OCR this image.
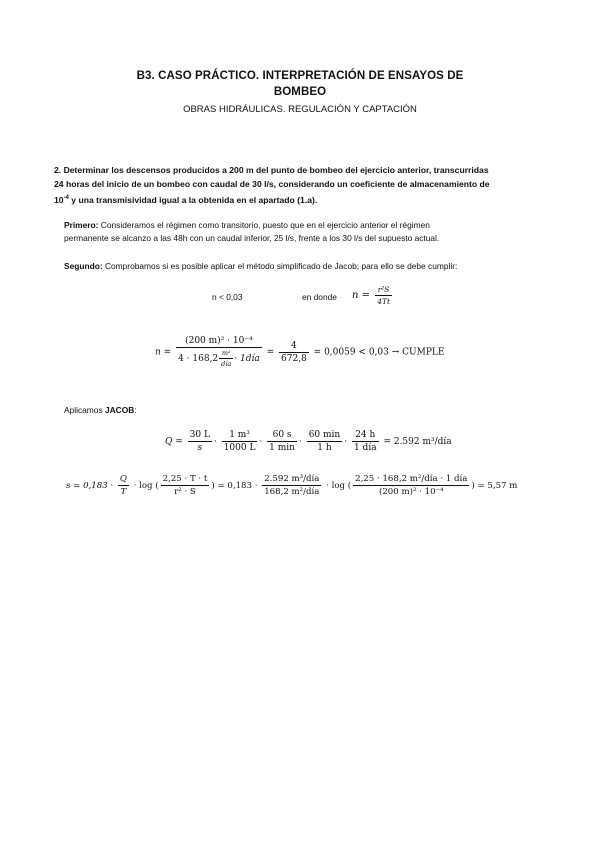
B3. CASO PRÁCTICO. INTERPRETACIÓN DE ENSAYOS DE
BOMBEO
OBRAS HIDRÁULICAS. REGULACIÓN Y CAPTACIÓN
2. Determinar los descensos producidos a 200 m del punto de bombeo del ejercicio anterior, transcurridas
24 horas del inicio de un bombeo con caudal de 30 l/s, considerando un coeficiente de almacenamiento de
$10^{-4}$ y una transmisividad igual a la obtenida en el apartado (1.a).
Primero: Consideramos el régimen como transitorio, puesto que en el ejercicio anterior el régimen
permanente se alcanzo a las 48h con un caudal inferior, 25 l/s, frente a los 30 l/s del supuesto actual.
Segundo: Comprobamos si es posible aplicar el método simplificado de Jacob; para ello se debe cumplir:
n < 0,03	en donde $n = \frac{\text{r²S}}{4Tt}$
$n = \frac{\text{(200 m)² · 10⁻⁴}}{4 \cdot 168,2 \frac{\text{m²}}{\text{día}} \cdot 1día} = \frac{4}{672,8} = 0,0059 < 0,03$ → CUMPLE
Aplicamos JACOB:
$Q = \frac{30 L}{s} \cdot \frac{\text{1 m³}}{1000 L} \cdot \frac{60 s}{1 \min} \cdot \frac{60 \min}{1 h} \cdot \frac{24 h}{\text{1 día}} = 2.592$ m³/día
$s = 0,183 \cdot \frac{Q}{T} \cdot \log$ ( $\frac{2,25 \cdot T \cdot t}{\text{r² · S}}$ ) = $0,183 \cdot \frac{\text{2.592 m³/día}}{\text{168,2 m²/día}} \cdot \log$ ( $\frac{\text{2,25 · 168,2 m²/día · 1 día}}{\text{(200 m)² · 10⁻⁴}}$ ) = 5,57 m
